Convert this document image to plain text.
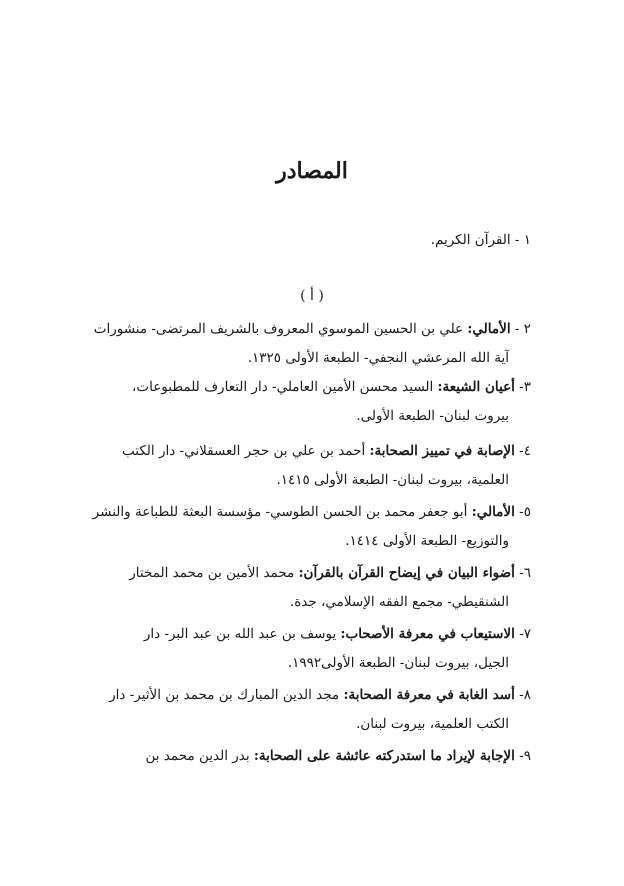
المصادر
١ - القرآن الكريم.
( أ )
٢ - الأمالي: علي بن الحسين الموسوي المعروف بالشريف المرتضى- منشورات
آية الله المرعشي النجفي- الطبعة الأولى ١٣٢٥.
٣- أعيان الشيعة: السيد محسن الأمين العاملي- دار التعارف للمطبوعات،
بيروت لبنان- الطبعة الأولى.
٤- الإصابة في تمييز الصحابة: أحمد بن علي بن حجر العسقلاني- دار الكتب
العلمية، بيروت لبنان- الطبعة الأولى ١٤١٥.
٥- الأمالي: أبو جعفر محمد بن الحسن الطوسي- مؤسسة البعثة للطباعة والنشر
والتوزيع- الطبعة الأولى ١٤١٤.
٦- أضواء البيان في إيضاح القرآن بالقرآن: محمد الأمين بن محمد المختار
الشنقيطي- مجمع الفقه الإسلامي، جدة.
٧- الاستيعاب في معرفة الأصحاب: يوسف بن عبد الله بن عبد البر- دار
الجيل، بيروت لبنان- الطبعة الأولى١٩٩٢.
٨- أسد الغابة في معرفة الصحابة: مجد الدين المبارك بن محمد بن الأثير- دار
الكتب العلمية، بيروت لبنان.
٩- الإجابة لإيراد ما استدركته عائشة على الصحابة: بدر الدين محمد بن
